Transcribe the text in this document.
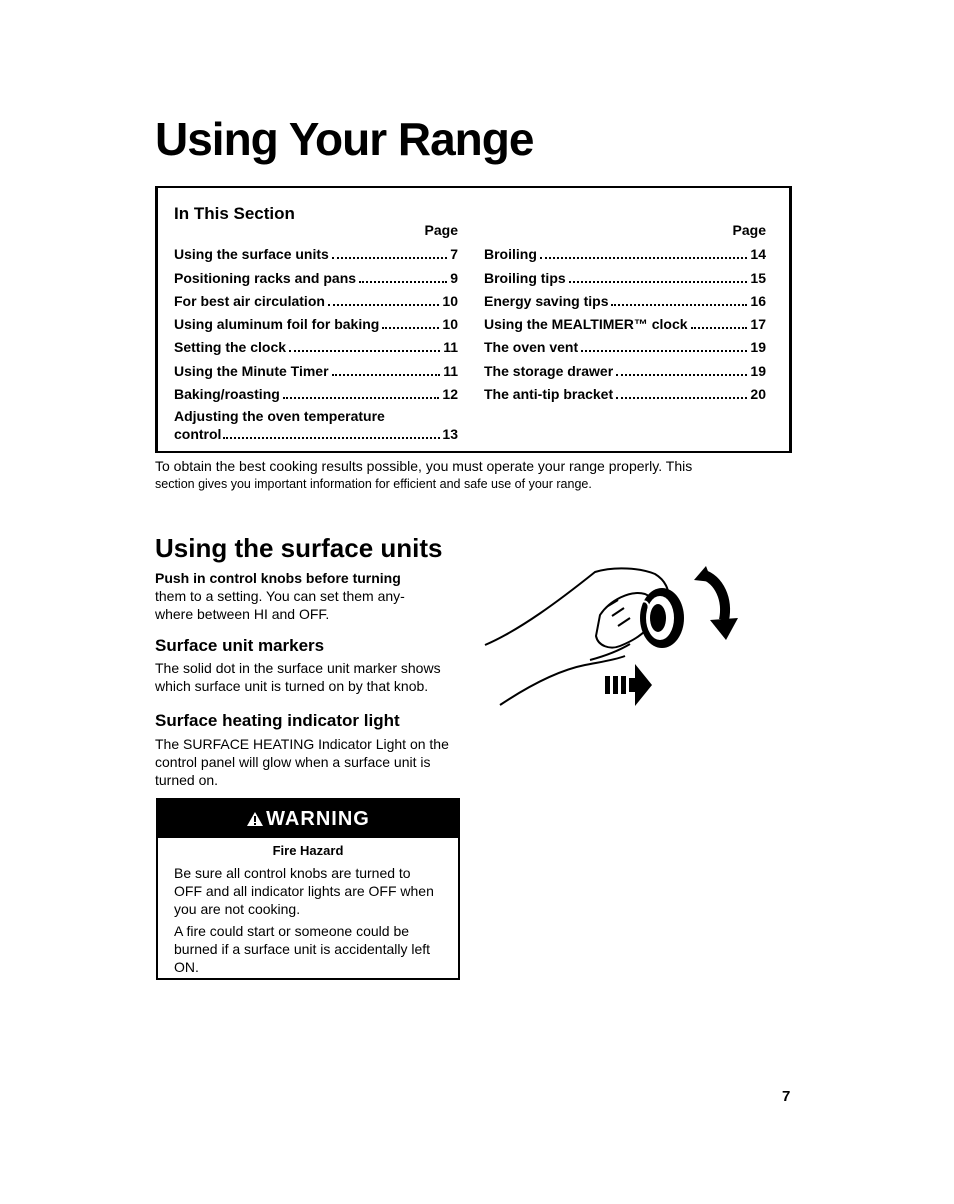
Using Your Range
In This Section
Page
Using the surface units	7
Positioning racks and pans	9
For best air circulation	10
Using aluminum foil for baking	10
Setting the clock	11
Using the Minute Timer	11
Baking/roasting	12
Adjusting the oven temperature
control	13
Page
Broiling	14
Broiling tips	15
Energy saving tips	16
Using the MEALTIMER™ clock	17
The oven vent	19
The storage drawer	19
The anti-tip bracket	20
To obtain the best cooking results possible, you must operate your range properly. This
section gives you important information for efficient and safe use of your range.
Using the surface units
Push in control knobs before turning
them to a setting. You can set them any-where between HI and OFF.
Surface unit markers
The solid dot in the surface unit marker shows which surface unit is turned on by that knob.
Surface heating indicator light
The SURFACE HEATING Indicator Light on the control panel will glow when a surface unit is turned on.
WARNING
Fire Hazard

Be sure all control knobs are turned to OFF and all indicator lights are OFF when you are not cooking.

A fire could start or someone could be burned if a surface unit is accidentally left ON.

7
